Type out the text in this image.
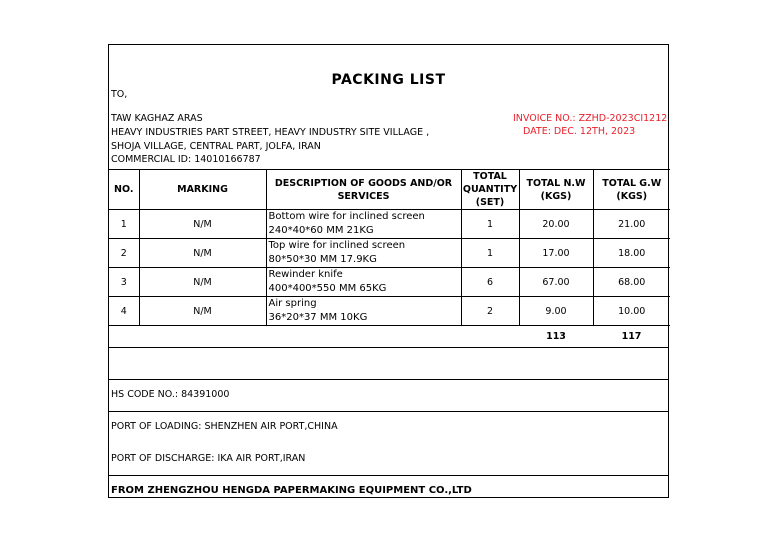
PACKING LIST
TO,
TAW KAGHAZ ARAS
HEAVY INDUSTRIES PART STREET, HEAVY INDUSTRY SITE VILLAGE ,
SHOJA VILLAGE, CENTRAL PART, JOLFA, IRAN
COMMERCIAL ID: 14010166787
INVOICE NO.: ZZHD-2023CI1212
DATE: DEC. 12TH, 2023
NO.	MARKING	DESCRIPTION OF GOODS AND/OR SERVICES	TOTAL QUANTITY (SET)	TOTAL N.W (KGS)	TOTAL G.W (KGS)
1	N/M	Bottom wire for inclined screen
240*40*60 MM 21KG	1	20.00	21.00
2	N/M	Top wire for inclined screen
80*50*30 MM 17.9KG	1	17.00	18.00
3	N/M	Rewinder knife
400*400*550 MM 65KG	6	67.00	68.00
4	N/M	Air spring
36*20*37 MM 10KG	2	9.00	10.00
				113	117
HS CODE NO.: 84391000
PORT OF LOADING: SHENZHEN AIR PORT,CHINA
PORT OF DISCHARGE: IKA AIR PORT,IRAN
FROM ZHENGZHOU HENGDA PAPERMAKING EQUIPMENT CO.,LTD
